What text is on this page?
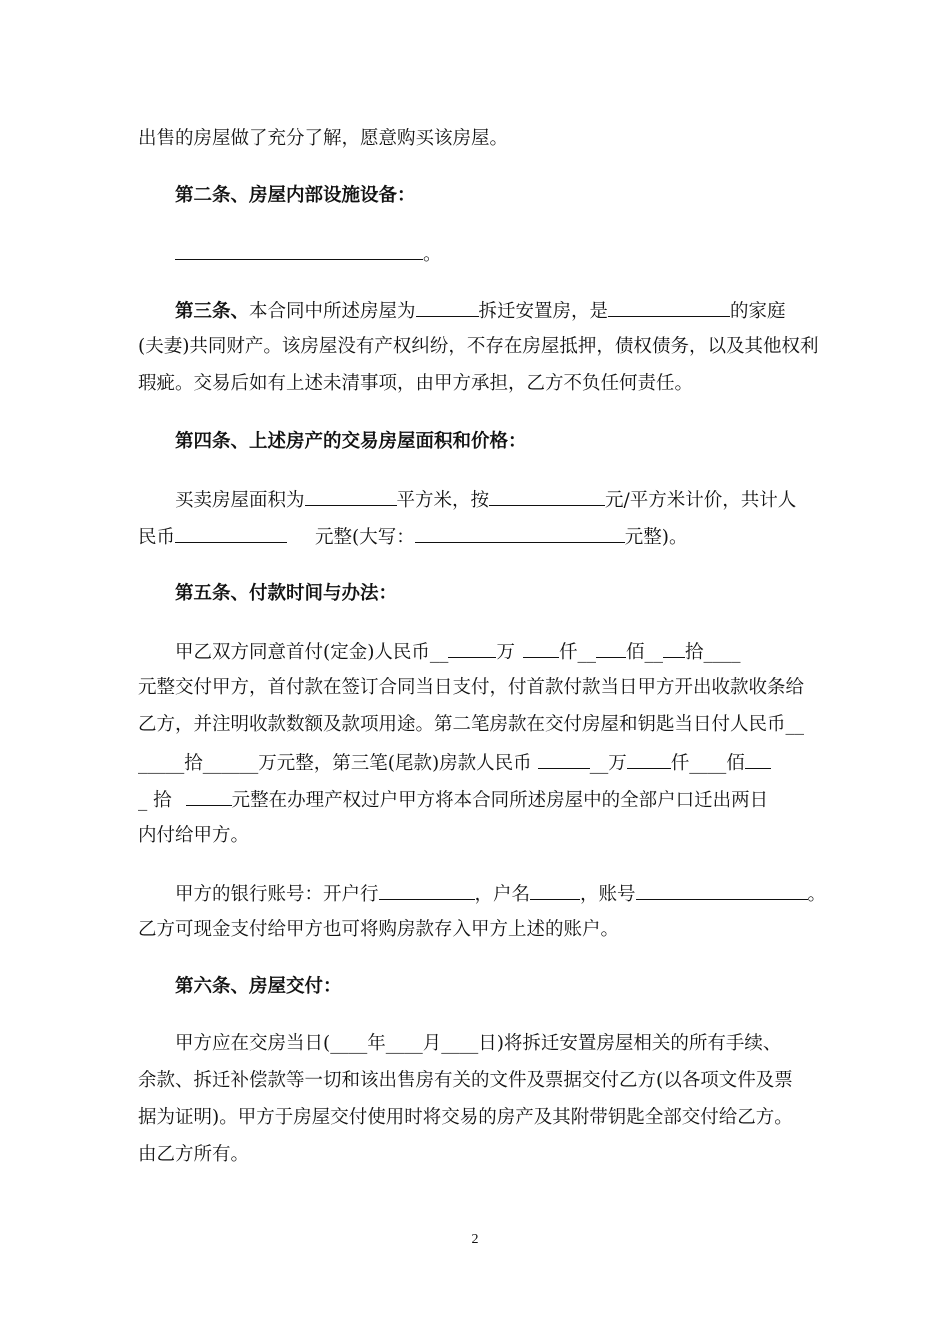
出售的房屋做了充分了解，愿意购买该房屋。
第二条、房屋内部设施设备：
。
第三条、本合同中所述房屋为	拆迁安置房，是	的家庭
(夫妻)共同财产。该房屋没有产权纠纷，不存在房屋抵押，债权债务，以及其他权利
瑕疵。交易后如有上述未清事项，由甲方承担，乙方不负任何责任。
第四条、上述房产的交易房屋面积和价格：
买卖房屋面积为	平方米，按	元/平方米计价，共计人
民币	元整(大写：	元整)。
第五条、付款时间与办法：
甲乙双方同意首付(定金)人民币__	万 仟__ 佰__ 拾____
元整交付甲方，首付款在签订合同当日支付，付首款付款当日甲方开出收款收条给
乙方，并注明收款数额及款项用途。第二笔房款在交付房屋和钥匙当日付人民币__
_____拾______万元整，第三笔(尾款)房款人民币	__万 仟____佰
_ 拾	元整在办理产权过户甲方将本合同所述房屋中的全部户口迁出两日
内付给甲方。
甲方的银行账号：开户行	，户名	，账号	。
乙方可现金支付给甲方也可将购房款存入甲方上述的账户。
第六条、房屋交付：
甲方应在交房当日(____年____月____日)将拆迁安置房屋相关的所有手续、
余款、拆迁补偿款等一切和该出售房有关的文件及票据交付乙方(以各项文件及票
据为证明)。甲方于房屋交付使用时将交易的房产及其附带钥匙全部交付给乙方。
由乙方所有。
2
